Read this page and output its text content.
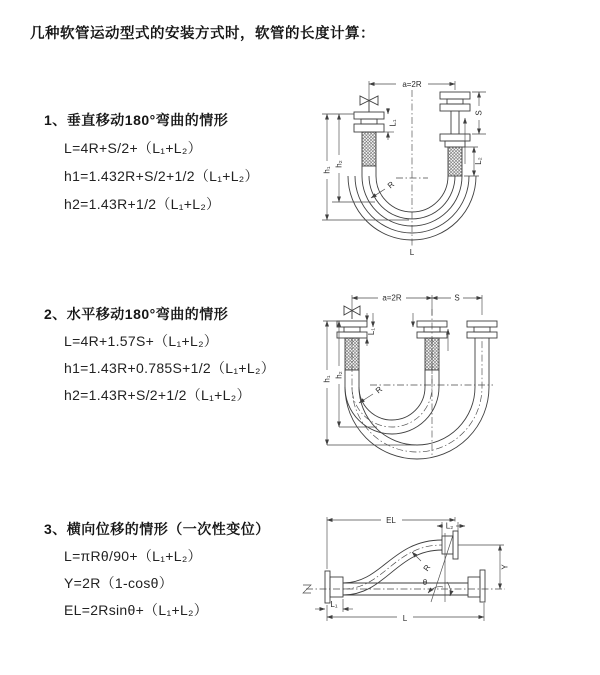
几种软管运动型式的安装方式时，软管的长度计算：
1、垂直移动180°弯曲的情形
L=4R+S/2+（L₁+L₂）
h1=1.432R+S/2+1/2（L₁+L₂）
h2=1.43R+1/2（L₁+L₂）
2、水平移动180°弯曲的情形
L=4R+1.57S+（L₁+L₂）
h1=1.43R+0.785S+1/2（L₁+L₂）
h2=1.43R+S/2+1/2（L₁+L₂）
3、横向位移的情形（一次性变位）
L=πRθ/90+（L₁+L₂）
Y=2R（1-cosθ）
EL=2Rsinθ+（L₁+L₂）
R
a=2R
h₁
h₂
L₁
S
L₂
L
a=2R	S
L₁
R
h₁
h₂
EL
L₂
Y
L
L₁
R
θ
